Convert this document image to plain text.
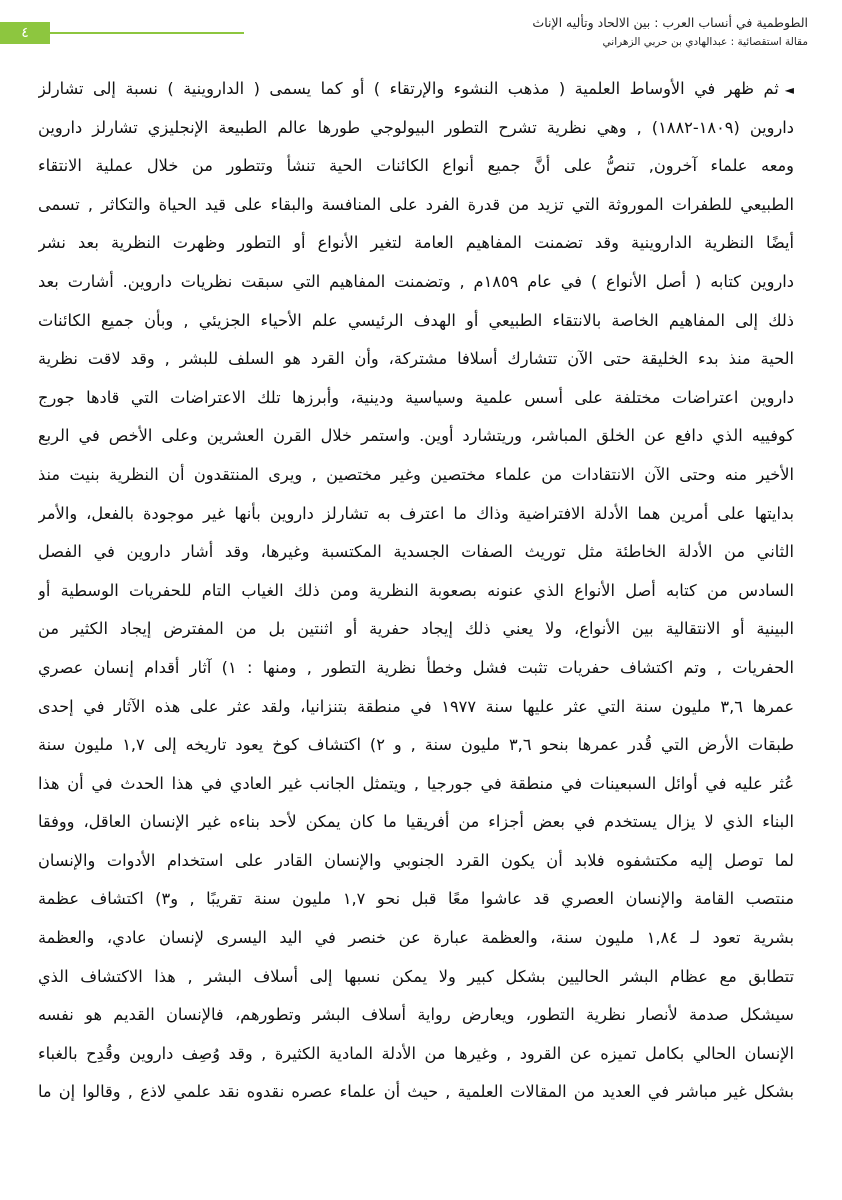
٤
الطوطمية في أنساب العرب : بين الالحاد وتأليه الإناث
مقالة استقصائية : عبدالهادي بن حربي الزهراني
◄ثم ظهر في الأوساط العلمية ( مذهب النشوء والإرتقاء ) أو كما يسمى ( الداروينية ) نسبة إلى تشارلز
داروين (١٨٠٩-١٨٨٢) , وهي نظرية تشرح التطور البيولوجي طورها عالم الطبيعة الإنجليزي تشارلز داروين
ومعه علماء آخرون, تنصُّ على أنَّ جميع أنواع الكائنات الحية تنشأ وتتطور من خلال عملية الانتقاء
الطبيعي للطفرات الموروثة التي تزيد من قدرة الفرد على المنافسة والبقاء على قيد الحياة والتكاثر , تسمى
أيضًا النظرية الداروينية وقد تضمنت المفاهيم العامة لتغير الأنواع أو التطور وظهرت النظرية بعد نشر
داروين كتابه ( أصل الأنواع ) في عام ١٨٥٩م , وتضمنت المفاهيم التي سبقت نظريات داروين. أشارت بعد
ذلك إلى المفاهيم الخاصة بالانتقاء الطبيعي أو الهدف الرئيسي علم الأحياء الجزيئي , وبأن جميع الكائنات
الحية منذ بدء الخليقة حتى الآن تتشارك أسلافا مشتركة، وأن القرد هو السلف للبشر , وقد لاقت نظرية
داروين اعتراضات مختلفة على أسس علمية وسياسية ودينية، وأبرزها تلك الاعتراضات التي قادها جورج
كوفييه الذي دافع عن الخلق المباشر، وريتشارد أوين. واستمر خلال القرن العشرين وعلى الأخص في الربع
الأخير منه وحتى الآن الانتقادات من علماء مختصين وغير مختصين , ويرى المنتقدون أن النظرية بنيت منذ
بدايتها على أمرين هما الأدلة الافتراضية وذاك ما اعترف به تشارلز داروين بأنها غير موجودة بالفعل، والأمر
الثاني من الأدلة الخاطئة مثل توريث الصفات الجسدية المكتسبة وغيرها، وقد أشار داروين في الفصل
السادس من كتابه أصل الأنواع الذي عنونه بصعوبة النظرية ومن ذلك الغياب التام للحفريات الوسطية أو
البينية أو الانتقالية بين الأنواع، ولا يعني ذلك إيجاد حفرية أو اثنتين بل من المفترض إيجاد الكثير من
الحفريات , وتم اكتشاف حفريات تثبت فشل وخطأ نظرية التطور , ومنها : ١) آثار أقدام إنسان عصري
عمرها ٣,٦ مليون سنة التي عثر عليها سنة ١٩٧٧ في منطقة بتنزانيا، ولقد عثر على هذه الآثار في إحدى
طبقات الأرض التي قُدر عمرها بنحو ٣,٦ مليون سنة , و ٢) اكتشاف كوخ يعود تاريخه إلى ١,٧ مليون سنة
عُثر عليه في أوائل السبعينات في منطقة في جورجيا , ويتمثل الجانب غير العادي في هذا الحدث في أن هذا
البناء الذي لا يزال يستخدم في بعض أجزاء من أفريقيا ما كان يمكن لأحد بناءه غير الإنسان العاقل، ووفقا
لما توصل إليه مكتشفوه فلابد أن يكون القرد الجنوبي والإنسان القادر على استخدام الأدوات والإنسان
منتصب القامة والإنسان العصري قد عاشوا معًا قبل نحو ١,٧ مليون سنة تقريبًا , و٣) اكتشاف عظمة
بشرية تعود لـ ١,٨٤ مليون سنة، والعظمة عبارة عن خنصر في اليد اليسرى لإنسان عادي، والعظمة
تتطابق مع عظام البشر الحاليين بشكل كبير ولا يمكن نسبها إلى أسلاف البشر , هذا الاكتشاف الذي
سيشكل صدمة لأنصار نظرية التطور، ويعارض رواية أسلاف البشر وتطورهم، فالإنسان القديم هو نفسه
الإنسان الحالي بكامل تميزه عن القرود , وغيرها من الأدلة المادية الكثيرة , وقد وُصِف داروين وقُدِح بالغباء
بشكل غير مباشر في العديد من المقالات العلمية , حيث أن علماء عصره نقدوه نقد علمي لاذع , وقالوا إن ما
